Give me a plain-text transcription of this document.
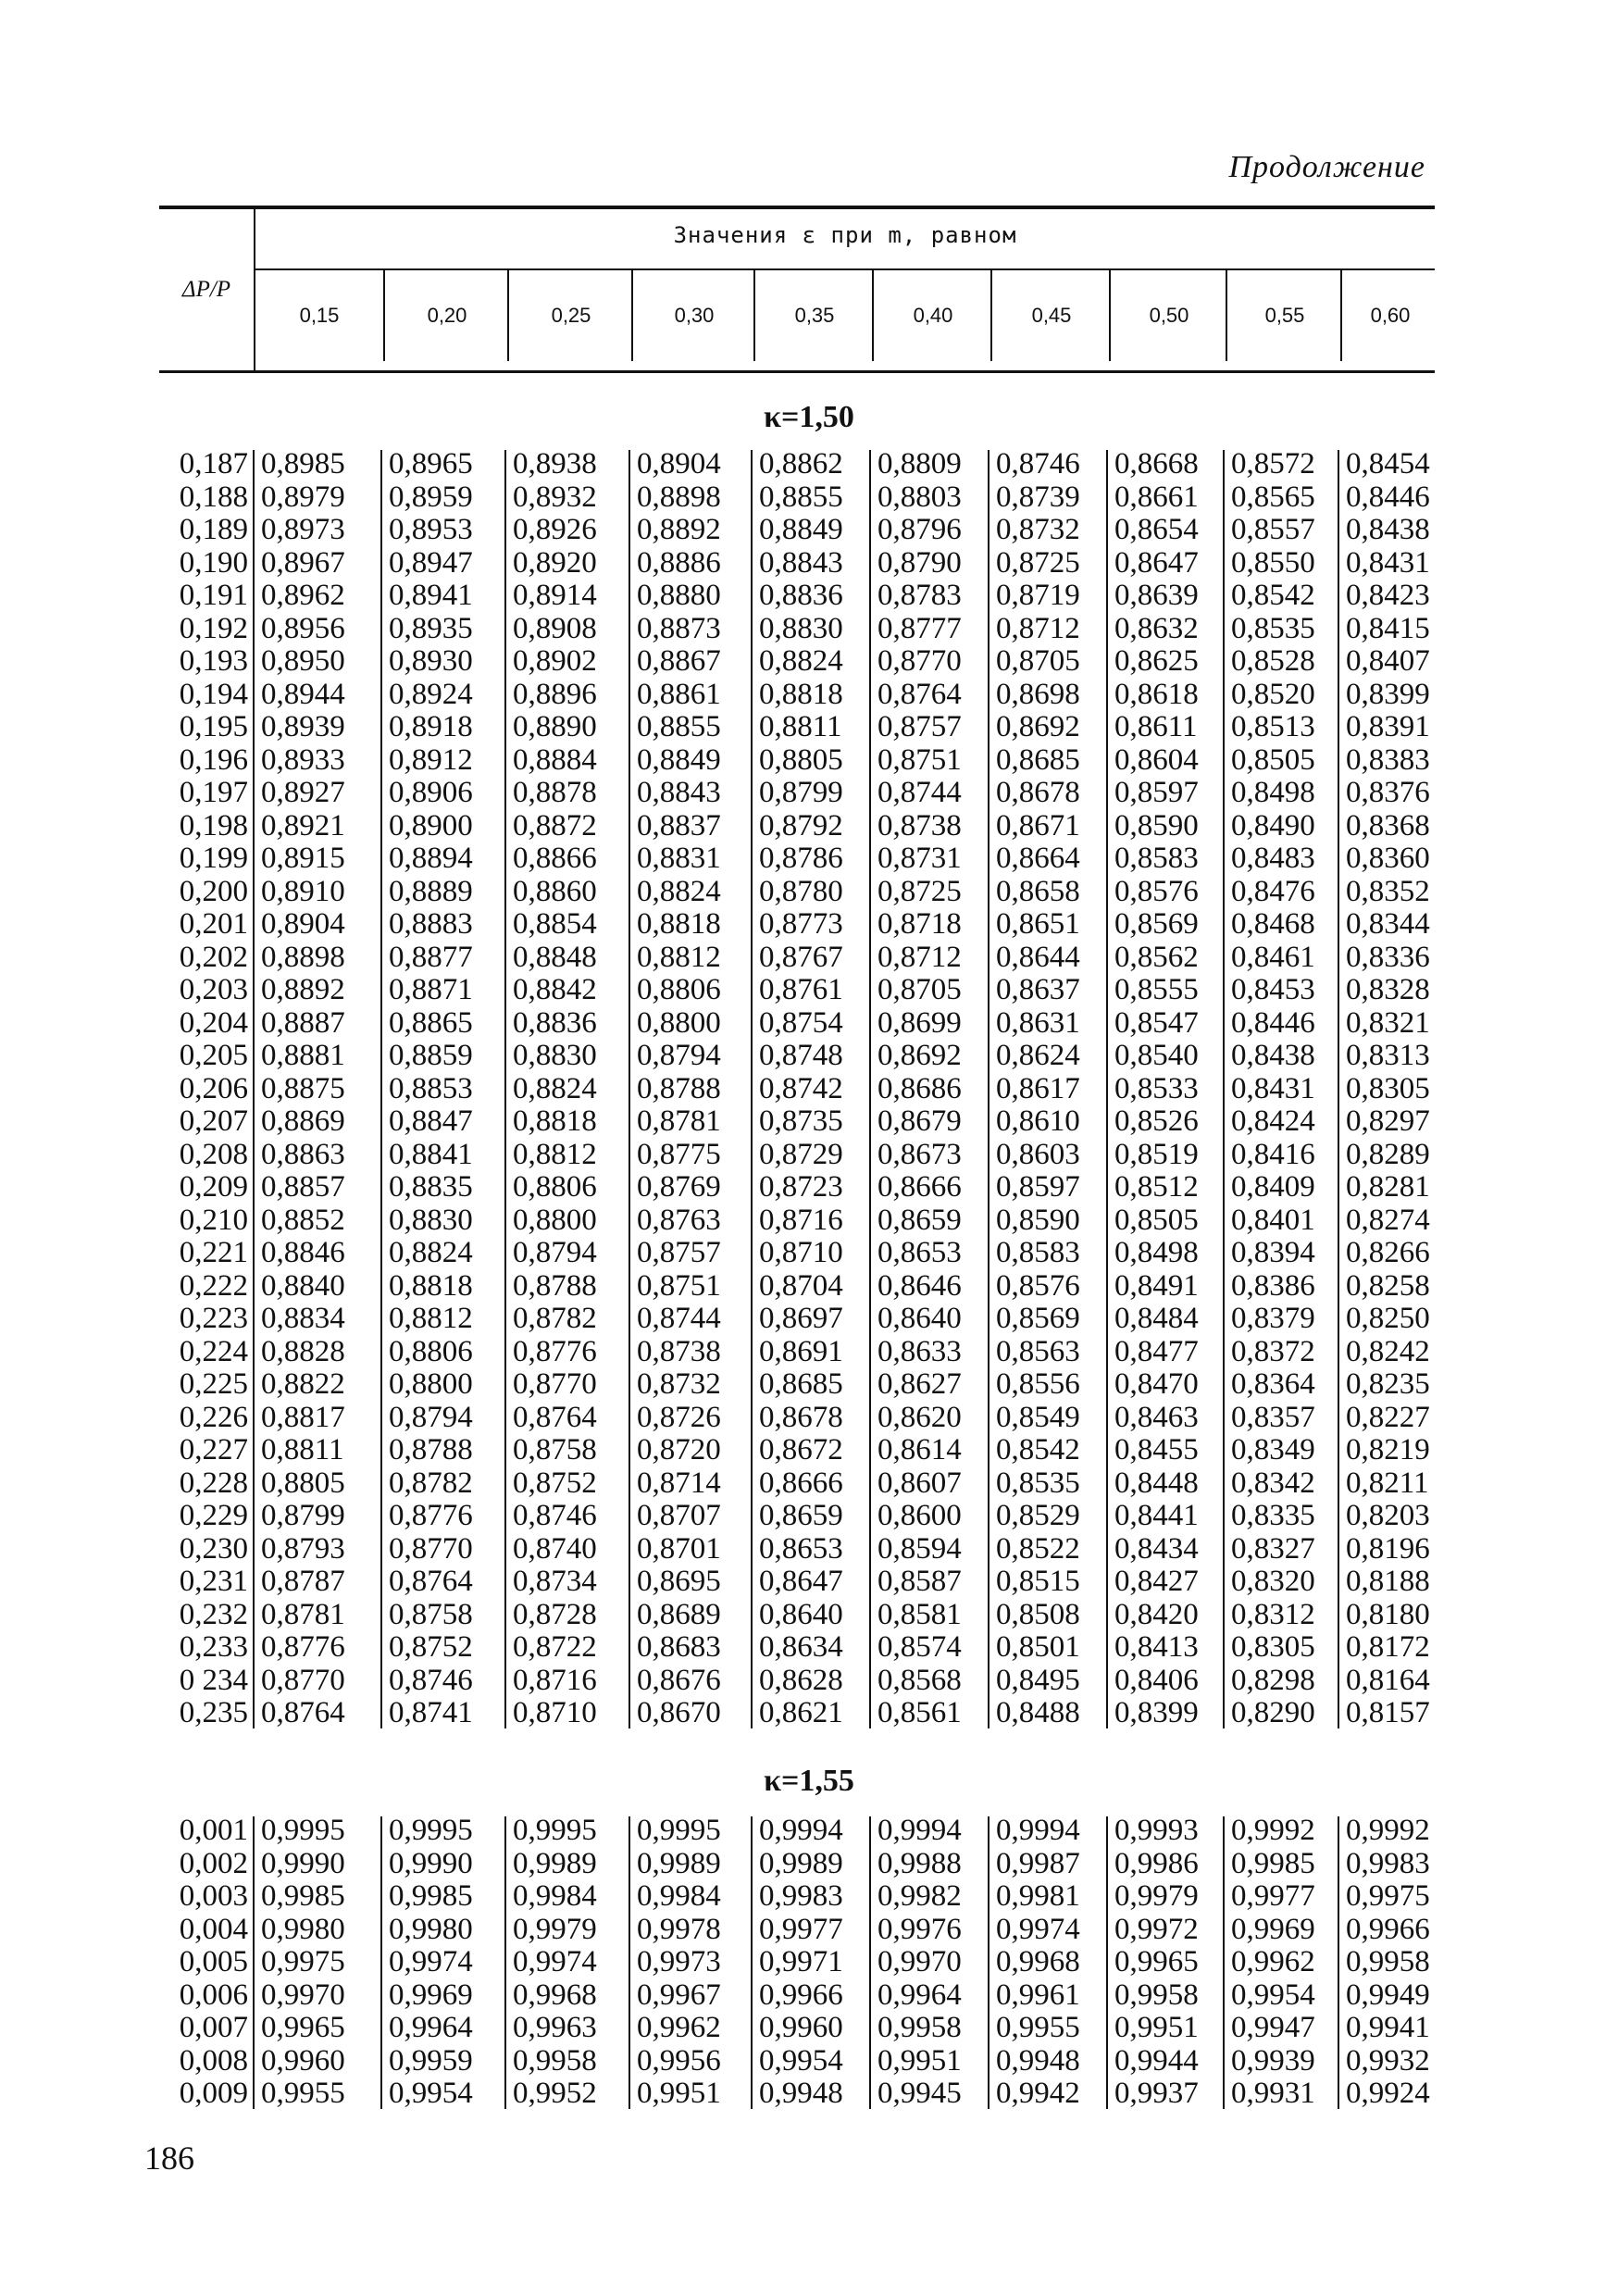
Продолжение
ΔP/P
Значения ε при m, равном
0,15	0,20	0,25	0,30	0,35	0,40	0,45	0,50	0,55	0,60
κ=1,50
0,187 0,8985	0,8965	0,8938	0,8904	0,8862	0,8809	0,8746	0,8668	0,8572	0,8454
0,188 0,8979	0,8959	0,8932	0,8898	0,8855	0,8803	0,8739	0,8661	0,8565	0,8446
0,189 0,8973	0,8953	0,8926	0,8892	0,8849	0,8796	0,8732	0,8654	0,8557	0,8438
0,190 0,8967	0,8947	0,8920	0,8886	0,8843	0,8790	0,8725	0,8647	0,8550	0,8431
0,191 0,8962	0,8941	0,8914	0,8880	0,8836	0,8783	0,8719	0,8639	0,8542	0,8423
0,192 0,8956	0,8935	0,8908	0,8873	0,8830	0,8777	0,8712	0,8632	0,8535	0,8415
0,193 0,8950	0,8930	0,8902	0,8867	0,8824	0,8770	0,8705	0,8625	0,8528	0,8407
0,194 0,8944	0,8924	0,8896	0,8861	0,8818	0,8764	0,8698	0,8618	0,8520	0,8399
0,195 0,8939	0,8918	0,8890	0,8855	0,8811	0,8757	0,8692	0,8611	0,8513	0,8391
0,196 0,8933	0,8912	0,8884	0,8849	0,8805	0,8751	0,8685	0,8604	0,8505	0,8383
0,197 0,8927	0,8906	0,8878	0,8843	0,8799	0,8744	0,8678	0,8597	0,8498	0,8376
0,198 0,8921	0,8900	0,8872	0,8837	0,8792	0,8738	0,8671	0,8590	0,8490	0,8368
0,199 0,8915	0,8894	0,8866	0,8831	0,8786	0,8731	0,8664	0,8583	0,8483	0,8360
0,200 0,8910	0,8889	0,8860	0,8824	0,8780	0,8725	0,8658	0,8576	0,8476	0,8352
0,201 0,8904	0,8883	0,8854	0,8818	0,8773	0,8718	0,8651	0,8569	0,8468	0,8344
0,202 0,8898	0,8877	0,8848	0,8812	0,8767	0,8712	0,8644	0,8562	0,8461	0,8336
0,203 0,8892	0,8871	0,8842	0,8806	0,8761	0,8705	0,8637	0,8555	0,8453	0,8328
0,204 0,8887	0,8865	0,8836	0,8800	0,8754	0,8699	0,8631	0,8547	0,8446	0,8321
0,205 0,8881	0,8859	0,8830	0,8794	0,8748	0,8692	0,8624	0,8540	0,8438	0,8313
0,206 0,8875	0,8853	0,8824	0,8788	0,8742	0,8686	0,8617	0,8533	0,8431	0,8305
0,207 0,8869	0,8847	0,8818	0,8781	0,8735	0,8679	0,8610	0,8526	0,8424	0,8297
0,208 0,8863	0,8841	0,8812	0,8775	0,8729	0,8673	0,8603	0,8519	0,8416	0,8289
0,209 0,8857	0,8835	0,8806	0,8769	0,8723	0,8666	0,8597	0,8512	0,8409	0,8281
0,210 0,8852	0,8830	0,8800	0,8763	0,8716	0,8659	0,8590	0,8505	0,8401	0,8274
0,221 0,8846	0,8824	0,8794	0,8757	0,8710	0,8653	0,8583	0,8498	0,8394	0,8266
0,222 0,8840	0,8818	0,8788	0,8751	0,8704	0,8646	0,8576	0,8491	0,8386	0,8258
0,223 0,8834	0,8812	0,8782	0,8744	0,8697	0,8640	0,8569	0,8484	0,8379	0,8250
0,224 0,8828	0,8806	0,8776	0,8738	0,8691	0,8633	0,8563	0,8477	0,8372	0,8242
0,225 0,8822	0,8800	0,8770	0,8732	0,8685	0,8627	0,8556	0,8470	0,8364	0,8235
0,226 0,8817	0,8794	0,8764	0,8726	0,8678	0,8620	0,8549	0,8463	0,8357	0,8227
0,227 0,8811	0,8788	0,8758	0,8720	0,8672	0,8614	0,8542	0,8455	0,8349	0,8219
0,228 0,8805	0,8782	0,8752	0,8714	0,8666	0,8607	0,8535	0,8448	0,8342	0,8211
0,229 0,8799	0,8776	0,8746	0,8707	0,8659	0,8600	0,8529	0,8441	0,8335	0,8203
0,230 0,8793	0,8770	0,8740	0,8701	0,8653	0,8594	0,8522	0,8434	0,8327	0,8196
0,231 0,8787	0,8764	0,8734	0,8695	0,8647	0,8587	0,8515	0,8427	0,8320	0,8188
0,232 0,8781	0,8758	0,8728	0,8689	0,8640	0,8581	0,8508	0,8420	0,8312	0,8180
0,233 0,8776	0,8752	0,8722	0,8683	0,8634	0,8574	0,8501	0,8413	0,8305	0,8172
0 234 0,8770	0,8746	0,8716	0,8676	0,8628	0,8568	0,8495	0,8406	0,8298	0,8164
0,235 0,8764	0,8741	0,8710	0,8670	0,8621	0,8561	0,8488	0,8399	0,8290	0,8157
κ=1,55
0,001 0,9995	0,9995	0,9995	0,9995	0,9994	0,9994	0,9994	0,9993	0,9992	0,9992
0,002 0,9990	0,9990	0,9989	0,9989	0,9989	0,9988	0,9987	0,9986	0,9985	0,9983
0,003 0,9985	0,9985	0,9984	0,9984	0,9983	0,9982	0,9981	0,9979	0,9977	0,9975
0,004 0,9980	0,9980	0,9979	0,9978	0,9977	0,9976	0,9974	0,9972	0,9969	0,9966
0,005 0,9975	0,9974	0,9974	0,9973	0,9971	0,9970	0,9968	0,9965	0,9962	0,9958
0,006 0,9970	0,9969	0,9968	0,9967	0,9966	0,9964	0,9961	0,9958	0,9954	0,9949
0,007 0,9965	0,9964	0,9963	0,9962	0,9960	0,9958	0,9955	0,9951	0,9947	0,9941
0,008 0,9960	0,9959	0,9958	0,9956	0,9954	0,9951	0,9948	0,9944	0,9939	0,9932
0,009 0,9955	0,9954	0,9952	0,9951	0,9948	0,9945	0,9942	0,9937	0,9931	0,9924
186
